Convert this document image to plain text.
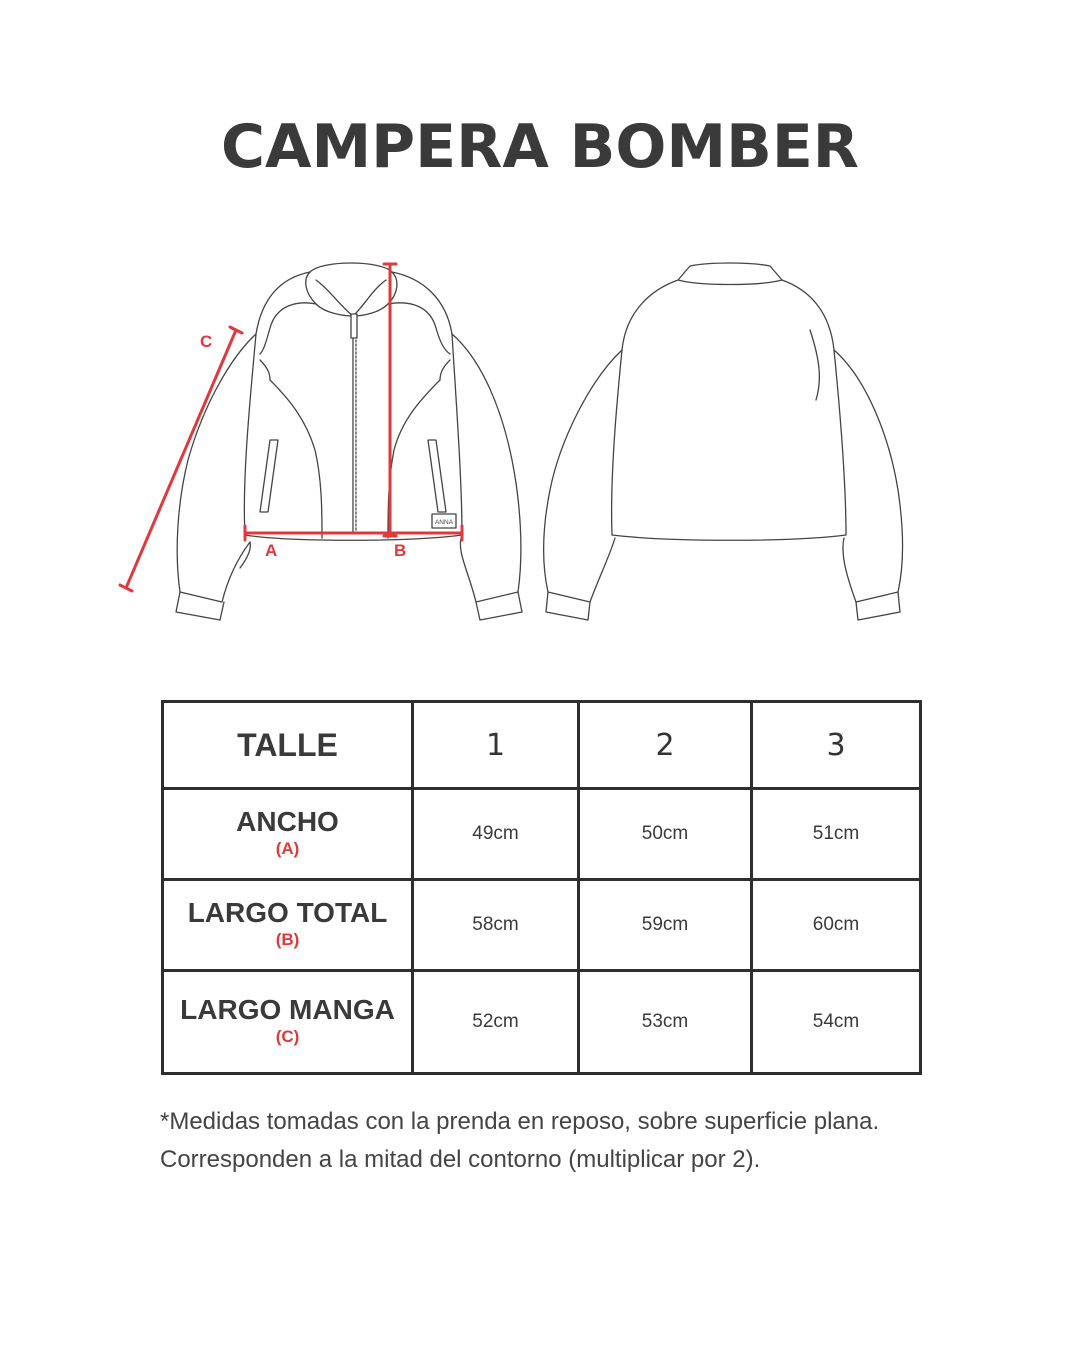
CAMPERA BOMBER
ANNA
A	B
C
TALLE	1	2	3

ANCHO
(A)	49cm	50cm	51cm

LARGO TOTAL
(B)	58cm	59cm	60cm

LARGO MANGA
(C)	52cm	53cm	54cm

*Medidas tomadas con la prenda en reposo, sobre superficie plana.
Corresponden a la mitad del contorno (multiplicar por 2).
